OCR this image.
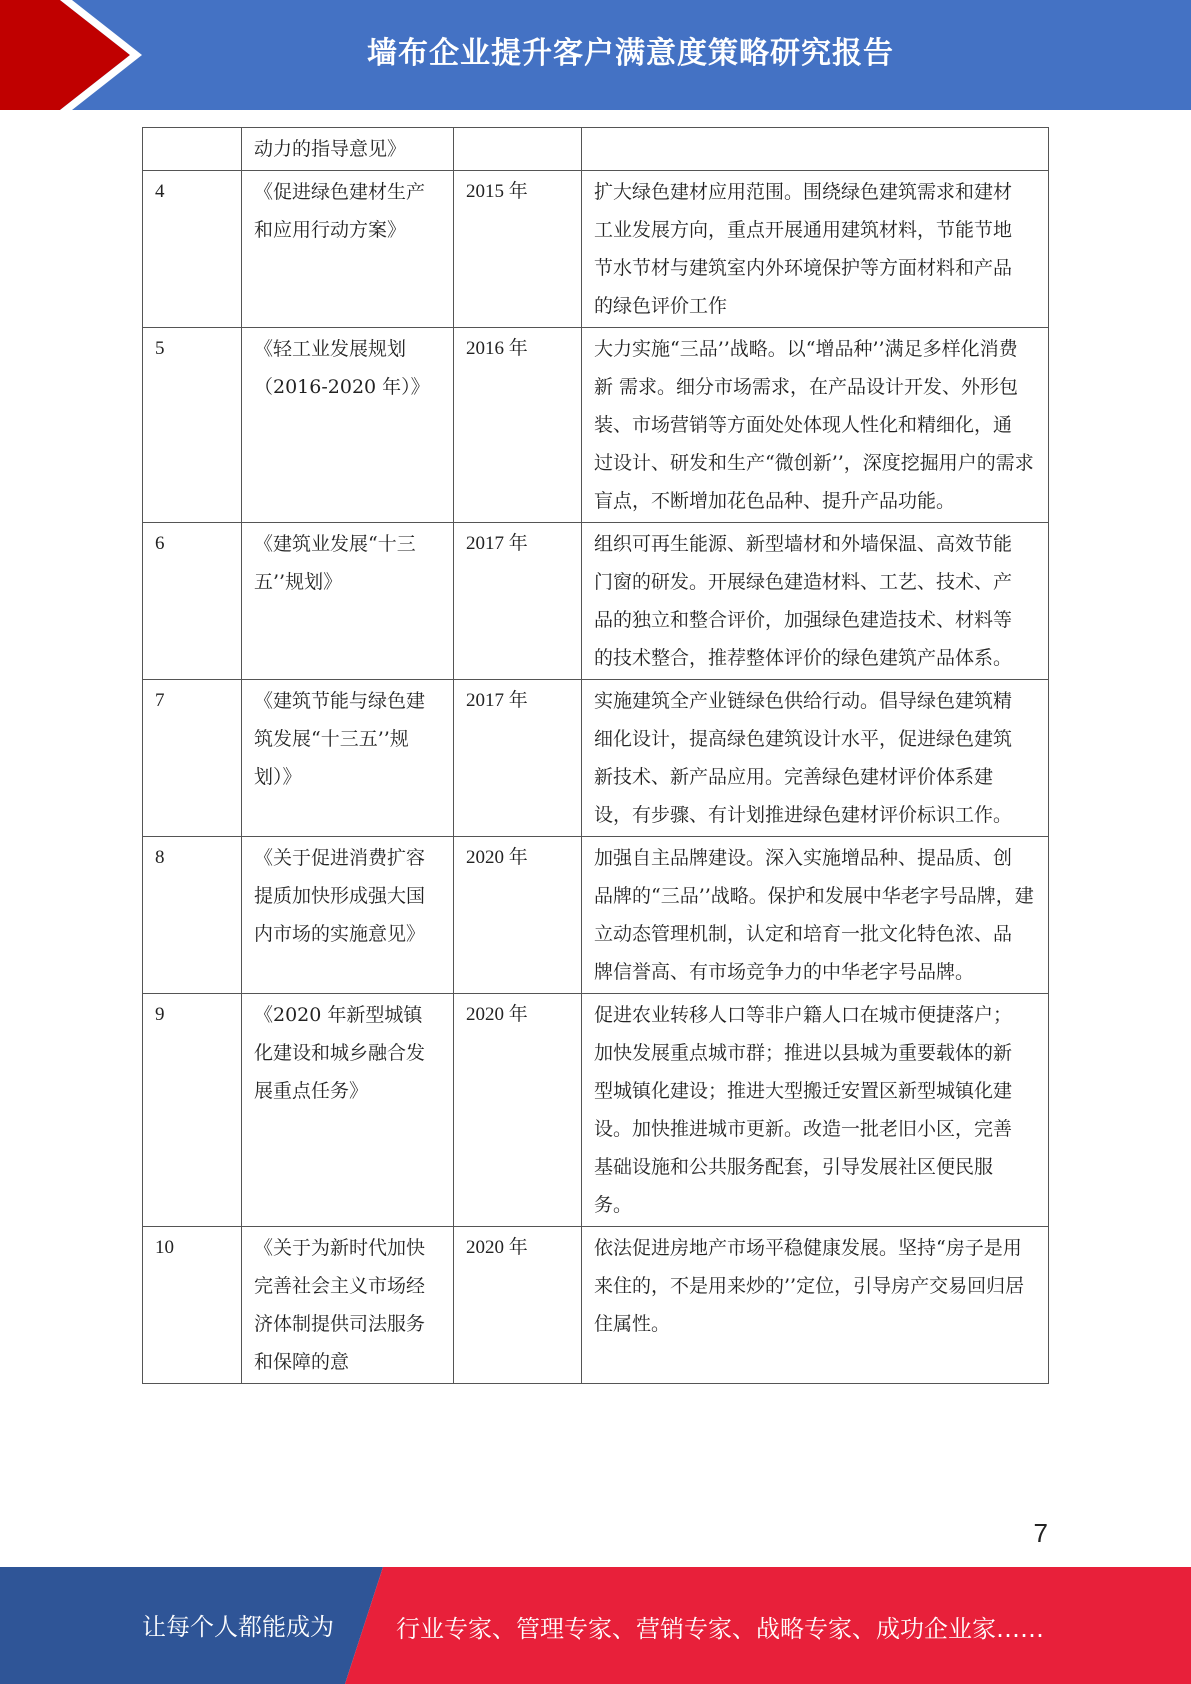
墙布企业提升客户满意度策略研究报告
	动力的指导意见》		
4	《促进绿色建材生产和应用行动方案》	2015 年	扩大绿色建材应用范围。围绕绿色建筑需求和建材 工业发展方向，重点开展通用建筑材料，节能节地 节水节材与建筑室内外环境保护等方面材料和产品 的绿色评价工作
5	《轻工业发展规划（2016-2020 年）》	2016 年	大力实施“三品’’战略。以“增品种’’满足多样化消费新 需求。细分市场需求，在产品设计开发、外形包 装、市场营销等方面处处体现人性化和精细化，通 过设计、研发和生产“微创新’’，深度挖掘用户的需求 盲点，不断增加花色品种、提升产品功能。
6	《建筑业发展“十三五’’规划》	2017 年	组织可再生能源、新型墙材和外墙保温、高效节能 门窗的研发。开展绿色建造材料、工艺、技术、产 品的独立和整合评价，加强绿色建造技术、材料等 的技术整合，推荐整体评价的绿色建筑产品体系。
7	《建筑节能与绿色建筑发展“十三五’’规 划）》	2017 年	实施建筑全产业链绿色供给行动。倡导绿色建筑精 细化设计，提高绿色建筑设计水平，促进绿色建筑 新技术、新产品应用。完善绿色建材评价体系建 设，有步骤、有计划推进绿色建材评价标识工作。
8	《关于促进消费扩容提质加快形成强大国内市场的实施意见》	2020 年	加强自主品牌建设。深入实施增品种、提品质、创 品牌的“三品’’战略。保护和发展中华老字号品牌，建 立动态管理机制，认定和培育一批文化特色浓、品 牌信誉高、有市场竞争力的中华老字号品牌。
9	《2020 年新型城镇化建设和城乡融合发展重点任务》	2020 年	促进农业转移人口等非户籍人口在城市便捷落户； 加快发展重点城市群；推进以县城为重要载体的新 型城镇化建设；推进大型搬迁安置区新型城镇化建 设。加快推进城市更新。改造一批老旧小区，完善 基础设施和公共服务配套，引导发展社区便民服 务。
10	《关于为新时代加快完善社会主义市场经济体制提供司法服务和保障的意	2020 年	依法促进房地产市场平稳健康发展。坚持“房子是用 来住的，不是用来炒的’’定位，引导房产交易回归居 住属性。
7
让每个人都能成为	行业专家、管理专家、营销专家、战略专家、成功企业家……
